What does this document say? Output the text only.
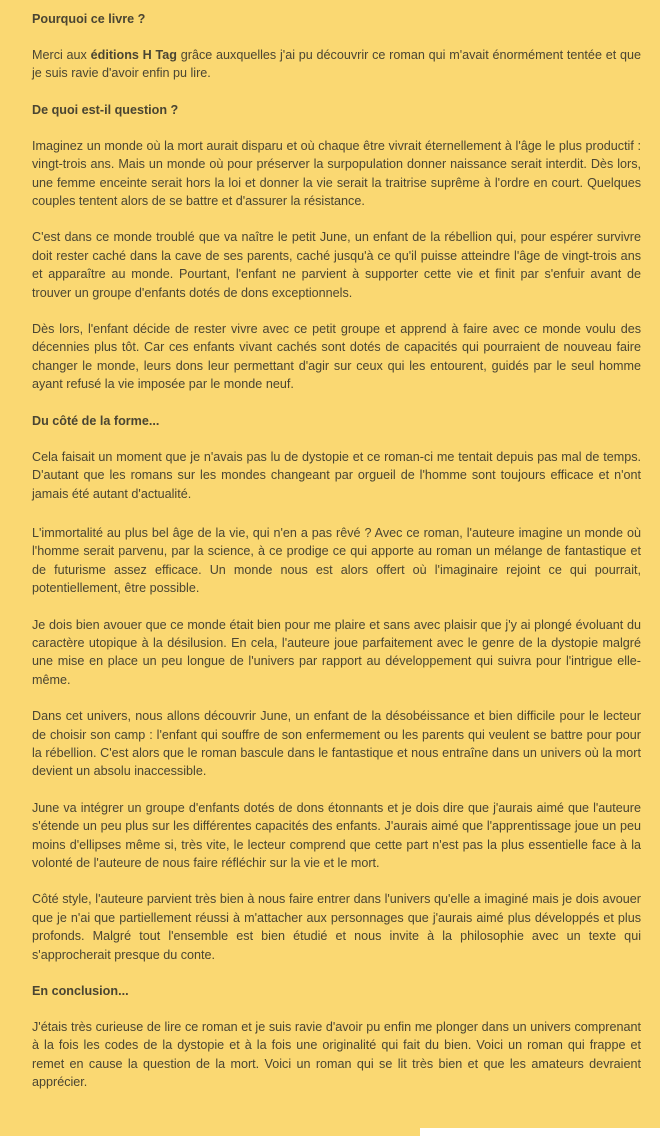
Pourquoi ce livre ?

Merci aux éditions H Tag grâce auxquelles j'ai pu découvrir ce roman qui m'avait énormément tentée et que je suis ravie d'avoir enfin pu lire.

De quoi est-il question ?

Imaginez un monde où la mort aurait disparu et où chaque être vivrait éternellement à l'âge le plus productif : vingt-trois ans. Mais un monde où pour préserver la surpopulation donner naissance serait interdit. Dès lors, une femme enceinte serait hors la loi et donner la vie serait la traitrise suprême à l'ordre en court. Quelques couples tentent alors de se battre et d'assurer la résistance.

C'est dans ce monde troublé que va naître le petit June, un enfant de la rébellion qui, pour espérer survivre doit rester caché dans la cave de ses parents, caché jusqu'à ce qu'il puisse atteindre l'âge de vingt-trois ans et apparaître au monde. Pourtant, l'enfant ne parvient à supporter cette vie et finit par s'enfuir avant de trouver un groupe d'enfants dotés de dons exceptionnels.

Dès lors, l'enfant décide de rester vivre avec ce petit groupe et apprend à faire avec ce monde voulu des décennies plus tôt. Car ces enfants vivant cachés sont dotés de capacités qui pourraient de nouveau faire changer le monde, leurs dons leur permettant d'agir sur ceux qui les entourent, guidés par le seul homme ayant refusé la vie imposée par le monde neuf.

Du côté de la forme...

Cela faisait un moment que je n'avais pas lu de dystopie et ce roman-ci me tentait depuis pas mal de temps. D'autant que les romans sur les mondes changeant par orgueil de l'homme sont toujours efficace et n'ont jamais été autant d'actualité.

L'immortalité au plus bel âge de la vie, qui n'en a pas rêvé ? Avec ce roman, l'auteure imagine un monde où l'homme serait parvenu, par la science, à ce prodige ce qui apporte au roman un mélange de fantastique et de futurisme assez efficace. Un monde nous est alors offert où l'imaginaire rejoint ce qui pourrait, potentiellement, être possible.

Je dois bien avouer que ce monde était bien pour me plaire et sans avec plaisir que j'y ai plongé évoluant du caractère utopique à la désilusion. En cela, l'auteure joue parfaitement avec le genre de la dystopie malgré une mise en place un peu longue de l'univers par rapport au développement qui suivra pour l'intrigue elle-même.

Dans cet univers, nous allons découvrir June, un enfant de la désobéissance et bien difficile pour le lecteur de choisir son camp : l'enfant qui souffre de son enfermement ou les parents qui veulent se battre pour pour la rébellion. C'est alors que le roman bascule dans le fantastique et nous entraîne dans un univers où la mort devient un absolu inaccessible.

June va intégrer un groupe d'enfants dotés de dons étonnants et je dois dire que j'aurais aimé que l'auteure s'étende un peu plus sur les différentes capacités des enfants. J'aurais aimé que l'apprentissage joue un peu moins d'ellipses même si, très vite, le lecteur comprend que cette part n'est pas la plus essentielle face à la volonté de l'auteure de nous faire réfléchir sur la vie et le mort.

Côté style, l'auteure parvient très bien à nous faire entrer dans l'univers qu'elle a imaginé mais je dois avouer que je n'ai que partiellement réussi à m'attacher aux personnages que j'aurais aimé plus développés et plus profonds. Malgré tout l'ensemble est bien étudié et nous invite à la philosophie avec un texte qui s'approcherait presque du conte.

En conclusion...

J'étais très curieuse de lire ce roman et je suis ravie d'avoir pu enfin me plonger dans un univers comprenant à la fois les codes de la dystopie et à la fois une originalité qui fait du bien. Voici un roman qui frappe et remet en cause la question de la mort. Voici un roman qui se lit très bien et que les amateurs devraient apprécier.
